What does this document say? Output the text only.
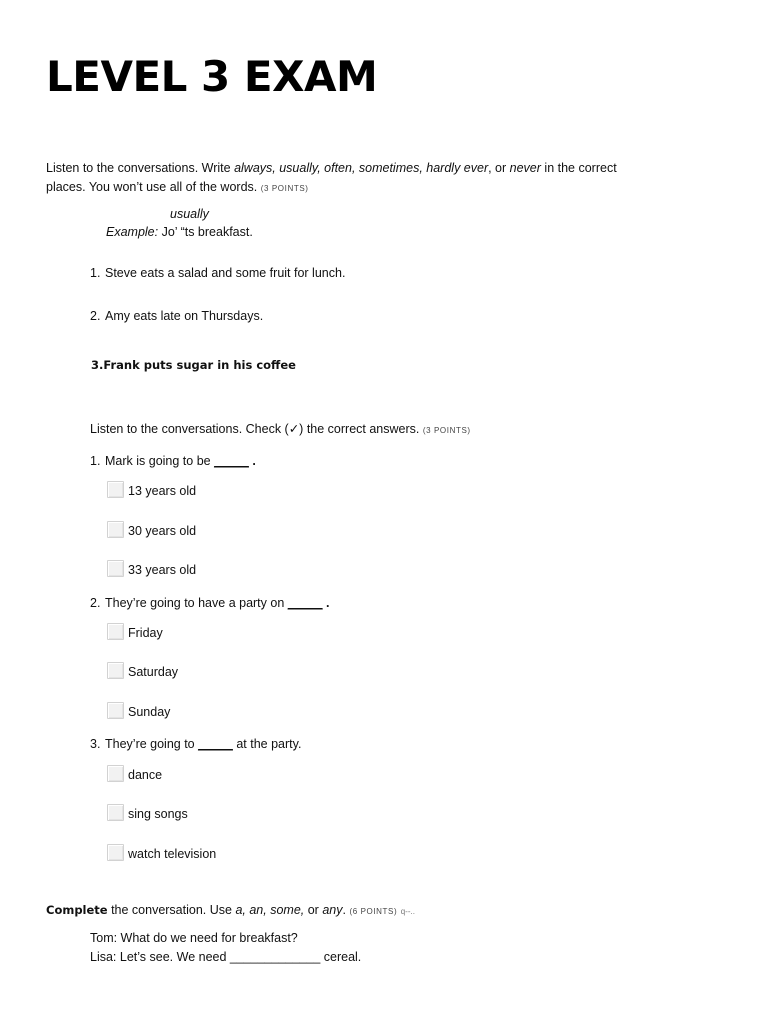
LEVEL 3 EXAM
Listen to the conversations. Write always, usually, often, sometimes, hardly ever, or never in the correct
places. You won’t use all of the words. (3 POINTS)
usually
Example: Jo’ “ts breakfast.
1. Steve eats a salad and some fruit for lunch.
2. Amy eats late on Thursdays.
3.Frank puts sugar in his coffee
Listen to the conversations. Check (✓) the correct answers. (3 POINTS)
1. Mark is going to be _____ .
13 years old
30 years old
33 years old
2. They’re going to have a party on _____ .
Friday
Saturday
Sunday
3. They’re going to _____ at the party.
dance
sing songs
watch television
Complete the conversation. Use a, an, some, or any. (6 POINTS) q--..
Tom: What do we need for breakfast?
Lisa: Let’s see. We need _____________ cereal.
